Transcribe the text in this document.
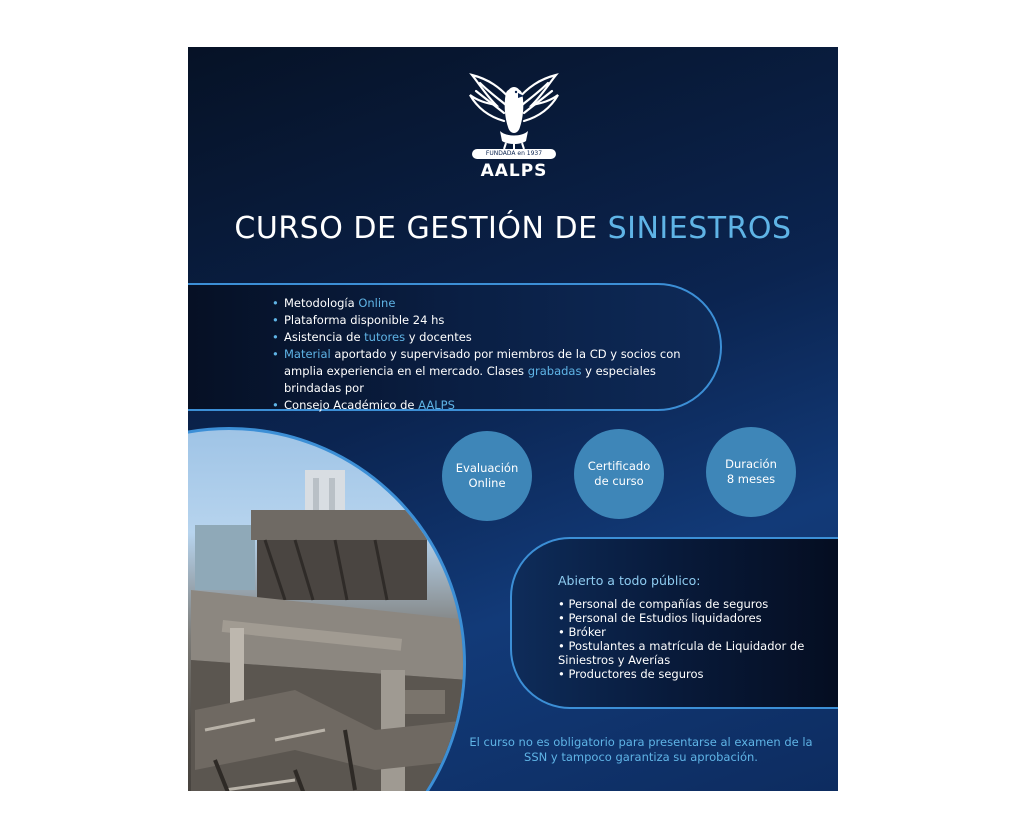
FUNDADA en 1937
AALPS
CURSO DE GESTIÓN DE SINIESTROS
• Metodología Online
• Plataforma disponible 24 hs
• Asistencia de tutores y docentes
• Material aportado y supervisado por miembros de la CD y socios con amplia experiencia en el mercado. Clases grabadas y especiales brindadas por
• Consejo Académico de AALPS
Evaluación
Online
Certificado
de curso
Duración
8 meses
Abierto a todo público:
• Personal de compañías de seguros
• Personal de Estudios liquidadores
• Bróker
• Postulantes a matrícula de Liquidador de Siniestros y Averías
• Productores de seguros
El curso no es obligatorio para presentarse al examen de la SSN y tampoco garantiza su aprobación.
